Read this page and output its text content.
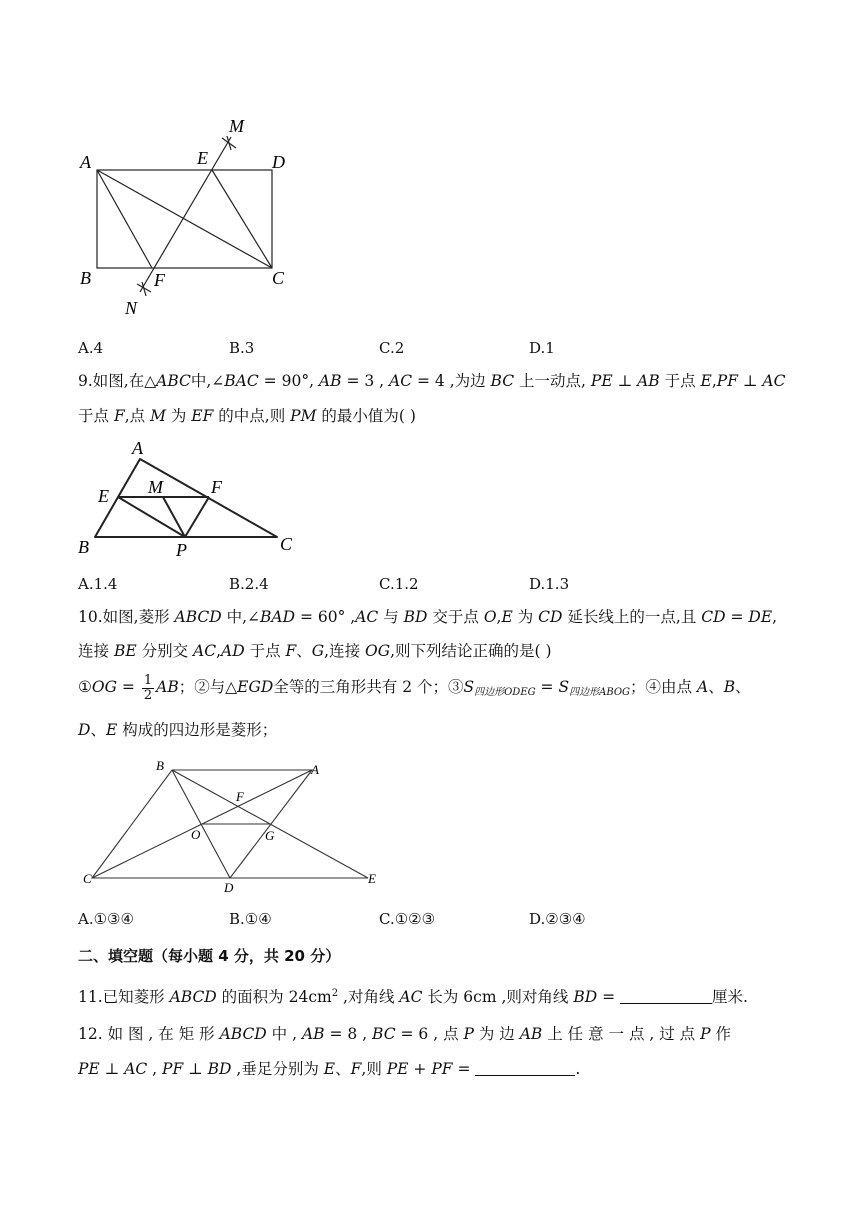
M
A	E	D
B	F	C
N
A.4	B.3	C.2	D.1
9.如图,在△ABC中,∠BAC = 90°, AB = 3 , AC = 4 ,为边 BC 上一动点, PE ⊥ AB 于点 E,PF ⊥ AC
于点 F,点 M 为 EF 的中点,则 PM 的最小值为( )
A
E M	F
B	P	C
A.1.4	B.2.4	C.1.2	D.1.3
10.如图,菱形 ABCD 中,∠BAD = 60° ,AC 与 BD 交于点 O,E 为 CD 延长线上的一点,且 CD = DE,
连接 BE 分别交 AC,AD 于点 F、G,连接 OG,则下列结论正确的是( )
①OG = $\frac{1}{2}$ AB；②与△EGD全等的三角形共有 2 个；$③S_{四边形ODEG} = S_{四边形ABOG}$；④由点 A、B、
D、E 构成的四边形是菱形；
B	A
F
O	G
C
D
E
A.①③④	B.①④	C.①②③	D.②③④
二、填空题（每小题 4 分，共 20 分）
11.已知菱形 ABCD 的面积为 $24cm^2$ ,对角线 AC 长为 6cm ,则对角线 BD =	厘米.
12. 如 图 , 在 矩 形 ABCD 中 , AB = 8 , BC = 6 , 点 P 为 边 AB 上 任 意 一 点 , 过 点 P 作
PE ⊥ AC , PF ⊥ BD ,垂足分别为 E、F,则 PE + PF =	.
